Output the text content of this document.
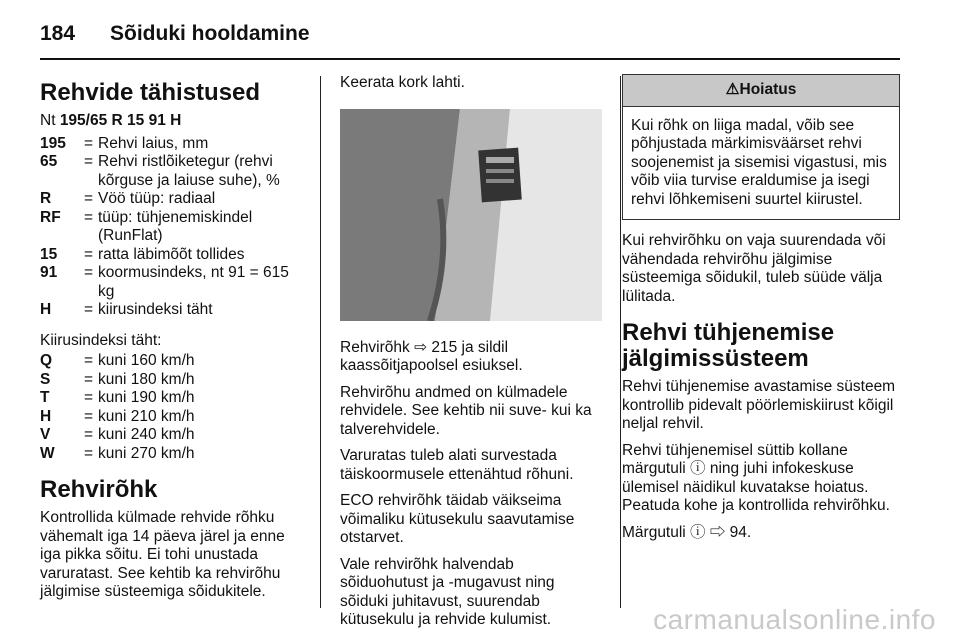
184	Sõiduki hooldamine
Rehvide tähistused

Nt 195/65 R 15 91 H

195	= Rehvi laius, mm
65	= Rehvi ristlõiketegur (rehvi kõrguse ja laiuse suhe), %
R	= Vöö tüüp: radiaal
RF	= tüüp: tühjenemiskindel (RunFlat)
15	= ratta läbimõõt tollides
91	= koormusindeks, nt 91 = 615 kg
H	= kiirusindeksi täht

Kiirusindeksi täht:

Q	= kuni 160 km/h
S	= kuni 180 km/h
T	= kuni 190 km/h
H	= kuni 210 km/h
V	= kuni 240 km/h
W	= kuni 270 km/h
Rehvirõhk

Kontrollida külmade rehvide rõhku vähemalt iga 14 päeva järel ja enne iga pikka sõitu. Ei tohi unustada varuratast. See kehtib ka rehvirõhu jälgimise süsteemiga sõidukitele.

Keerata kork lahti.

Rehvirõhk ⇨ 215 ja sildil kaassõitjapoolsel esiuksel.

Rehvirõhu andmed on külmadele rehvidele. See kehtib nii suve- kui ka talverehvidele.

Varuratas tuleb alati survestada täiskoormusele ettenähtud rõhuni.

ECO rehvirõhk täidab väikseima võimaliku kütusekulu saavutamise otstarvet.

Vale rehvirõhk halvendab sõiduohutust ja -mugavust ning sõiduki juhitavust, suurendab kütusekulu ja rehvide kulumist.

⚠Hoiatus
Kui rõhk on liiga madal, võib see põhjustada märkimisväärset rehvi soojenemist ja sisemisi vigastusi, mis võib viia turvise eraldumise ja isegi rehvi lõhkemiseni suurtel kiirustel.

Kui rehvirõhku on vaja suurendada või vähendada rehvirõhu jälgimise süsteemiga sõidukil, tuleb süüde välja lülitada.

Rehvi tühjenemise jälgimissüsteem

Rehvi tühjenemise avastamise süsteem kontrollib pidevalt pöörlemiskiirust kõigil neljal rehvil.

Rehvi tühjenemisel süttib kollane märgutuli ⓘ ning juhi infokeskuse ülemisel näidikul kuvatakse hoiatus. Peatuda kohe ja kontrollida rehvirõhku.

Märgutuli ⓘ ⇨ 94.

carmanualsonline.info
